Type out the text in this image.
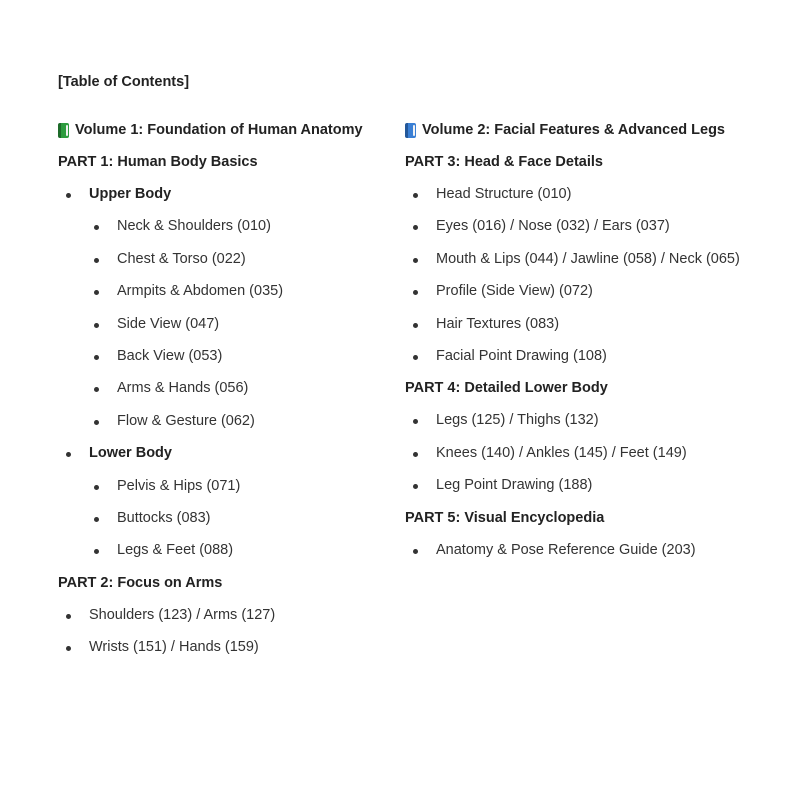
[Table of Contents]
Volume 1: Foundation of Human Anatomy
PART 1: Human Body Basics
Upper Body
Neck & Shoulders (010)
Chest & Torso (022)
Armpits & Abdomen (035)
Side View (047)
Back View (053)
Arms & Hands (056)
Flow & Gesture (062)
Lower Body
Pelvis & Hips (071)
Buttocks (083)
Legs & Feet (088)
PART 2: Focus on Arms
Shoulders (123) / Arms (127)
Wrists (151) / Hands (159)
Volume 2: Facial Features & Advanced Legs
PART 3: Head & Face Details
Head Structure (010)
Eyes (016) / Nose (032) / Ears (037)
Mouth & Lips (044) / Jawline (058) / Neck (065)
Profile (Side View) (072)
Hair Textures (083)
Facial Point Drawing (108)
PART 4: Detailed Lower Body
Legs (125) / Thighs (132)
Knees (140) / Ankles (145) / Feet (149)
Leg Point Drawing (188)
PART 5: Visual Encyclopedia
Anatomy & Pose Reference Guide (203)
